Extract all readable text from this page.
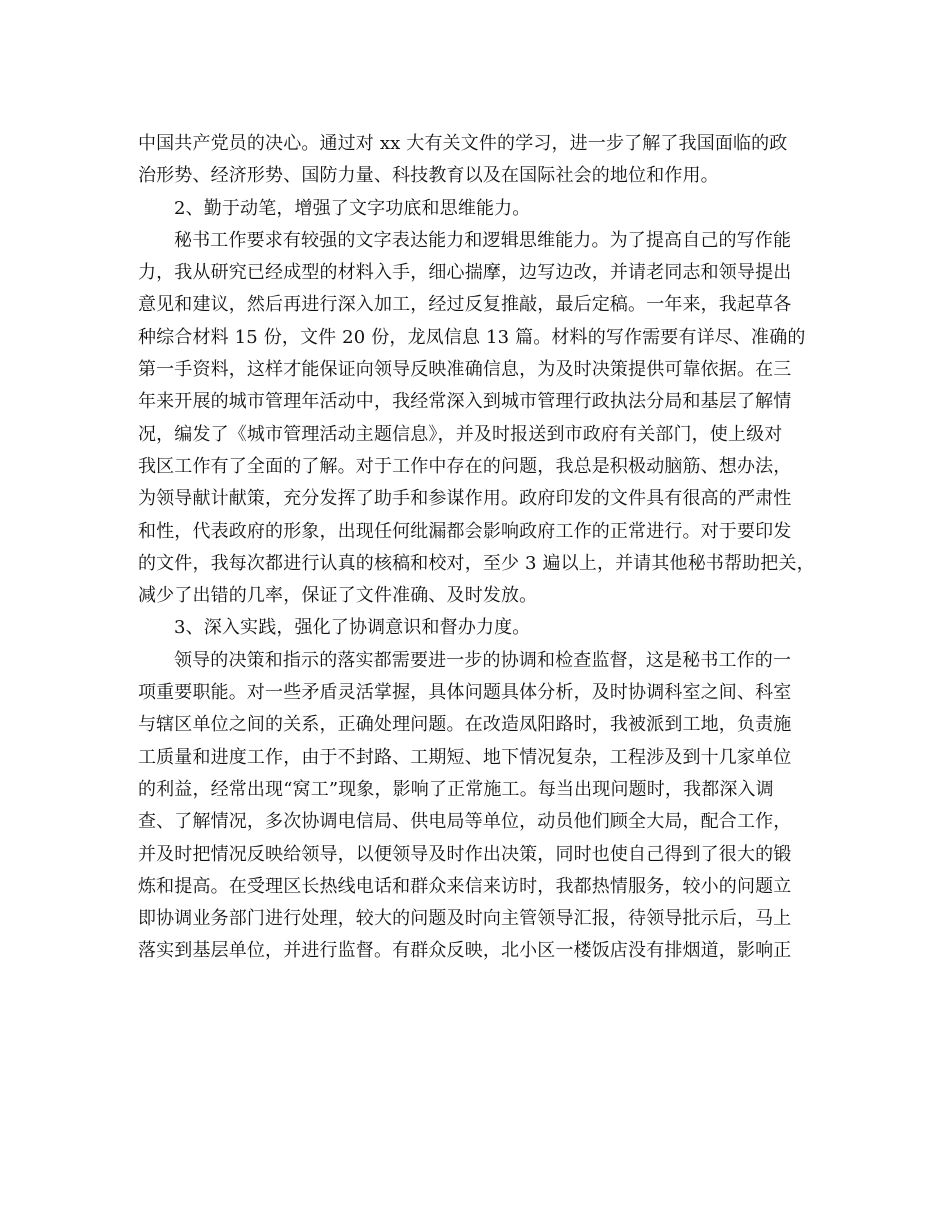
中国共产党员的决心。通过对 xx 大有关文件的学习，进一步了解了我国面临的政
治形势、经济形势、国防力量、科技教育以及在国际社会的地位和作用。
2、勤于动笔，增强了文字功底和思维能力。
秘书工作要求有较强的文字表达能力和逻辑思维能力。为了提高自己的写作能
力，我从研究已经成型的材料入手，细心揣摩，边写边改，并请老同志和领导提出
意见和建议，然后再进行深入加工，经过反复推敲，最后定稿。一年来，我起草各
种综合材料 15 份，文件 20 份，龙凤信息 13 篇。材料的写作需要有详尽、准确的
第一手资料，这样才能保证向领导反映准确信息，为及时决策提供可靠依据。在三
年来开展的城市管理年活动中，我经常深入到城市管理行政执法分局和基层了解情
况，编发了《城市管理活动主题信息》，并及时报送到市政府有关部门，使上级对
我区工作有了全面的了解。对于工作中存在的问题，我总是积极动脑筋、想办法，
为领导献计献策，充分发挥了助手和参谋作用。政府印发的文件具有很高的严肃性
和性，代表政府的形象，出现任何纰漏都会影响政府工作的正常进行。对于要印发
的文件，我每次都进行认真的核稿和校对，至少 3 遍以上，并请其他秘书帮助把关，
减少了出错的几率，保证了文件准确、及时发放。
3、深入实践，强化了协调意识和督办力度。
领导的决策和指示的落实都需要进一步的协调和检查监督，这是秘书工作的一
项重要职能。对一些矛盾灵活掌握，具体问题具体分析，及时协调科室之间、科室
与辖区单位之间的关系，正确处理问题。在改造凤阳路时，我被派到工地，负责施
工质量和进度工作，由于不封路、工期短、地下情况复杂，工程涉及到十几家单位
的利益，经常出现“窝工”现象，影响了正常施工。每当出现问题时，我都深入调
查、了解情况，多次协调电信局、供电局等单位，动员他们顾全大局，配合工作，
并及时把情况反映给领导，以便领导及时作出决策，同时也使自己得到了很大的锻
炼和提高。在受理区长热线电话和群众来信来访时，我都热情服务，较小的问题立
即协调业务部门进行处理，较大的问题及时向主管领导汇报，待领导批示后，马上
落实到基层单位，并进行监督。有群众反映，北小区一楼饭店没有排烟道，影响正
